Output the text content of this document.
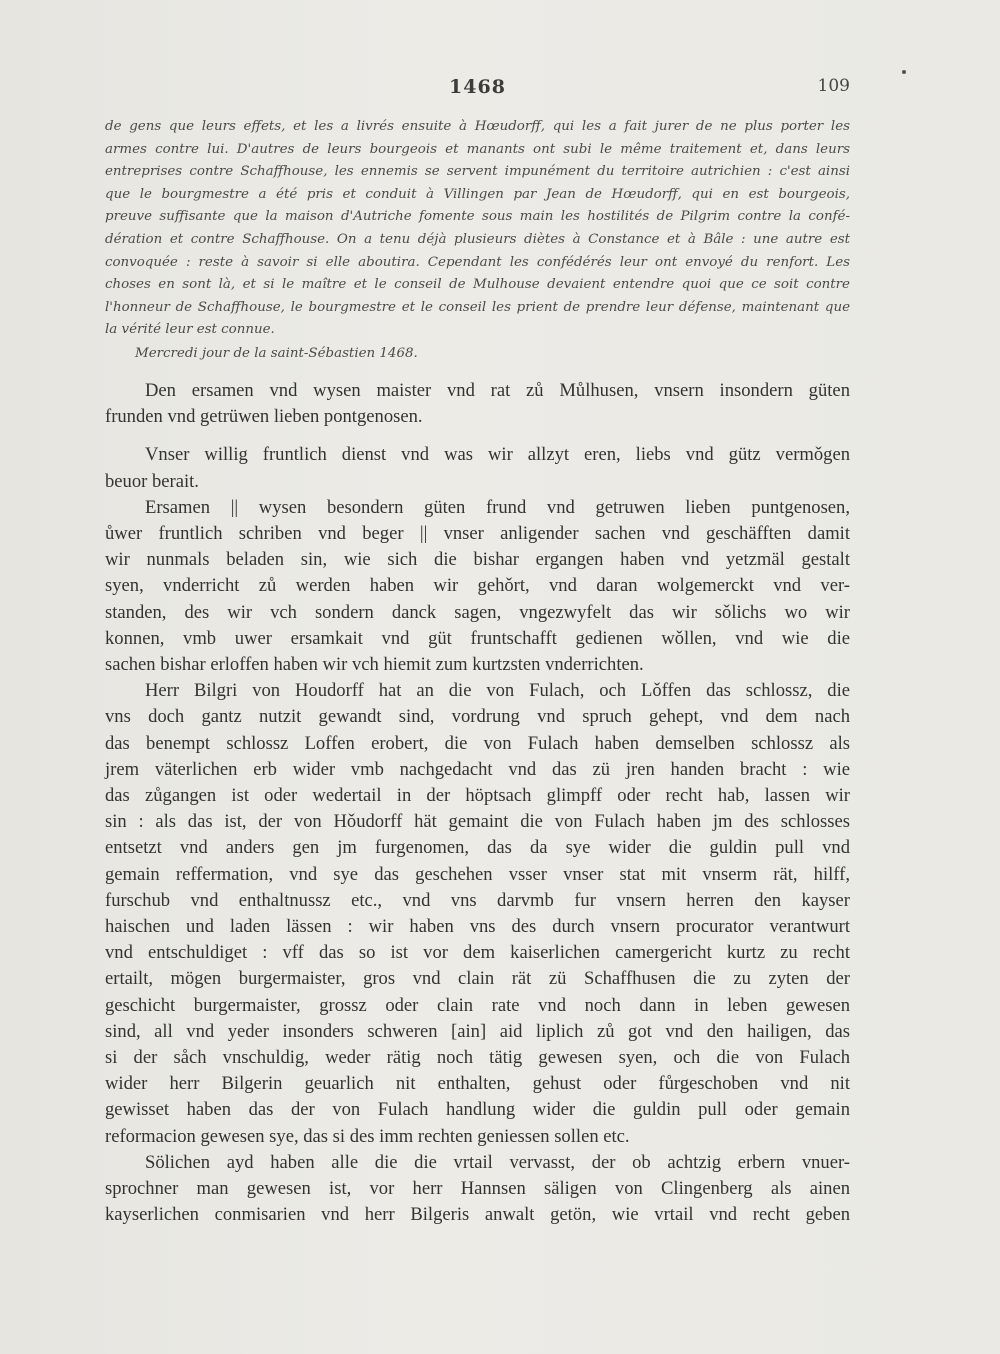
1468	109
de gens que leurs effets, et les a livrés ensuite à Hœudorff, qui les a fait jurer de ne plus porter les
armes contre lui. D'autres de leurs bourgeois et manants ont subi le même traitement et, dans leurs
entreprises contre Schaffhouse, les ennemis se servent impunément du territoire autrichien : c'est ainsi
que le bourgmestre a été pris et conduit à Villingen par Jean de Hœudorff, qui en est bourgeois,
preuve suffisante que la maison d'Autriche fomente sous main les hostilités de Pilgrim contre la confé-
dération et contre Schaffhouse. On a tenu déjà plusieurs diètes à Constance et à Bâle : une autre est
convoquée : reste à savoir si elle aboutira. Cependant les confédérés leur ont envoyé du renfort. Les
choses en sont là, et si le maître et le conseil de Mulhouse devaient entendre quoi que ce soit contre
l'honneur de Schaffhouse, le bourgmestre et le conseil les prient de prendre leur défense, maintenant que
la vérité leur est connue.
Mercredi jour de la saint-Sébastien 1468.

Den ersamen vnd wysen maister vnd rat zů Můlhusen, vnsern insondern güten
frunden vnd getrüwen lieben pontgenosen.

Vnser willig fruntlich dienst vnd was wir allzyt eren, liebs vnd gütz vermǒgen
beuor berait.

Ersamen || wysen besondern güten frund vnd getruwen lieben puntgenosen,
ůwer fruntlich schriben vnd beger || vnser anligender sachen vnd geschäfften damit
wir nunmals beladen sin, wie sich die bishar ergangen haben vnd yetzmäl gestalt
syen, vnderricht zů werden haben wir gehǒrt, vnd daran wolgemerckt vnd ver-
standen, des wir vch sondern danck sagen, vngezwyfelt das wir sǒlichs wo wir
konnen, vmb uwer ersamkait vnd güt fruntschafft gedienen wǒllen, vnd wie die
sachen bishar erloffen haben wir vch hiemit zum kurtzsten vnderrichten.

Herr Bilgri von Houdorff hat an die von Fulach, och Lǒffen das schlossz, die
vns doch gantz nutzit gewandt sind, vordrung vnd spruch gehept, vnd dem nach
das benempt schlossz Loffen erobert, die von Fulach haben demselben schlossz als
jrem väterlichen erb wider vmb nachgedacht vnd das zü jren handen bracht : wie
das zůgangen ist oder wedertail in der höptsach glimpff oder recht hab, lassen wir
sin : als das ist, der von Hǒudorff hät gemaint die von Fulach haben jm des schlosses
entsetzt vnd anders gen jm furgenomen, das da sye wider die guldin pull vnd
gemain reffermation, vnd sye das geschehen vsser vnser stat mit vnserm rät, hilff,
furschub vnd enthaltnussz etc., vnd vns darvmb fur vnsern herren den kayser
haischen und laden lässen : wir haben vns des durch vnsern procurator verantwurt
vnd entschuldiget : vff das so ist vor dem kaiserlichen camergericht kurtz zu recht
ertailt, mögen burgermaister, gros vnd clain rät zü Schaffhusen die zu zyten der
geschicht burgermaister, grossz oder clain rate vnd noch dann in leben gewesen
sind, all vnd yeder insonders schweren [ain] aid liplich zů got vnd den hailigen, das
si der såch vnschuldig, weder rätig noch tätig gewesen syen, och die von Fulach
wider herr Bilgerin geuarlich nit enthalten, gehust oder fůrgeschoben vnd nit
gewisset haben das der von Fulach handlung wider die guldin pull oder gemain
reformacion gewesen sye, das si des imm rechten geniessen sollen etc.

Sölichen ayd haben alle die die vrtail vervasst, der ob achtzig erbern vnuer-
sprochner man gewesen ist, vor herr Hannsen säligen von Clingenberg als ainen
kayserlichen conmisarien vnd herr Bilgeris anwalt getön, wie vrtail vnd recht geben
